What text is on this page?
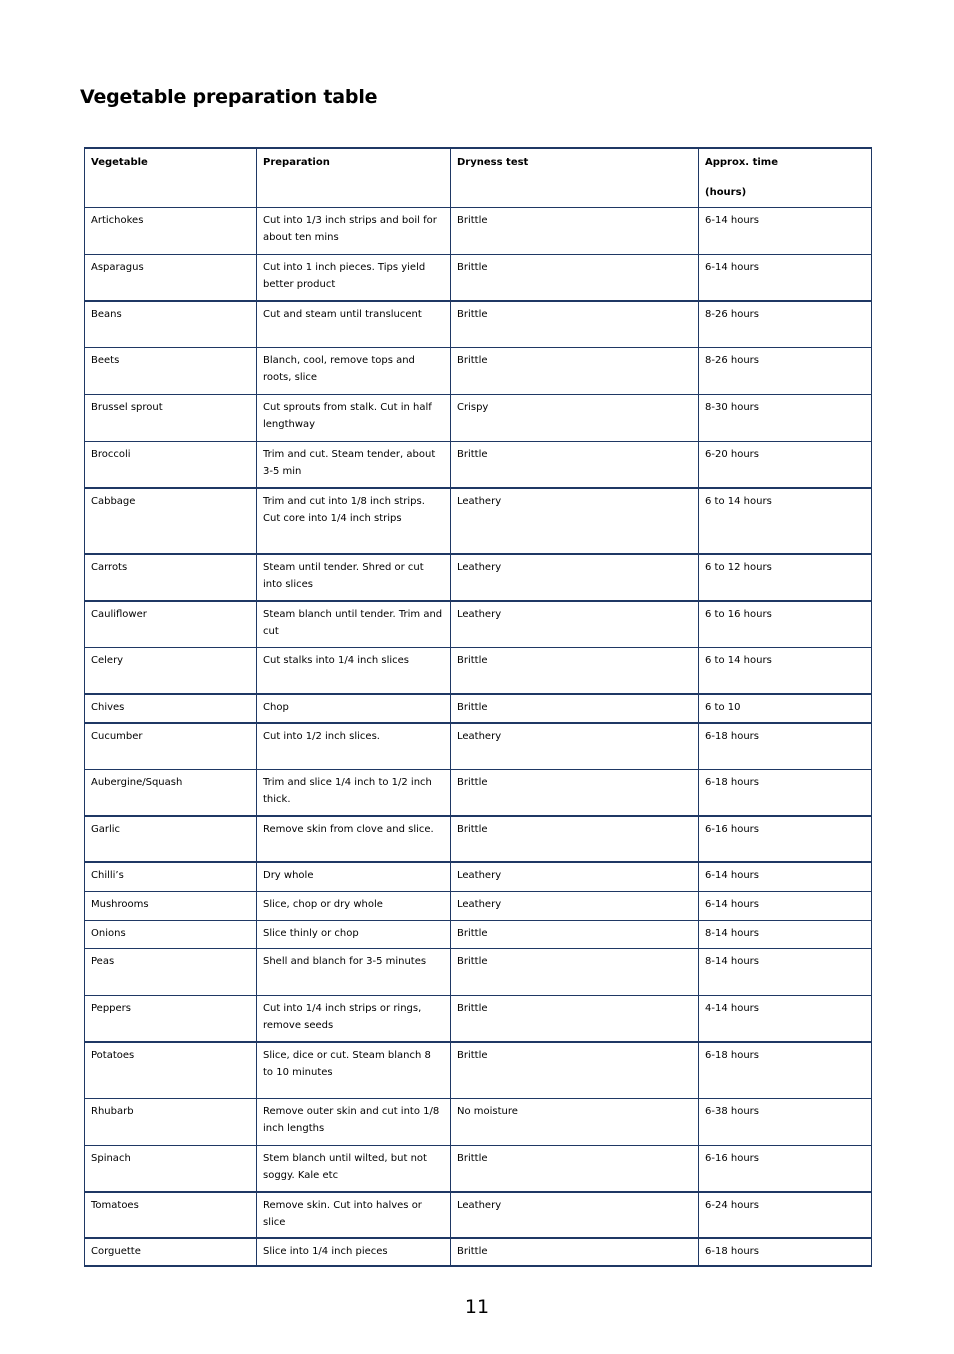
Vegetable preparation table
Vegetable	Preparation	Dryness test	Approx. time
(hours)

Artichokes	Cut into 1/3 inch strips and boil for about ten mins	Brittle	6-14 hours
Asparagus	Cut into 1 inch pieces. Tips yield better product	Brittle	6-14 hours
Beans	Cut and steam until translucent	Brittle	8-26 hours
Beets	Blanch, cool, remove tops and roots, slice	Brittle	8-26 hours
Brussel sprout	Cut sprouts from stalk. Cut in half lengthway	Crispy	8-30 hours
Broccoli	Trim and cut. Steam tender, about 3-5 min	Brittle	6-20 hours
Cabbage	Trim and cut into 1/8 inch strips. Cut core into 1/4 inch strips	Leathery	6 to 14 hours
Carrots	Steam until tender. Shred or cut into slices	Leathery	6 to 12 hours
Cauliflower	Steam blanch until tender. Trim and cut	Leathery	6 to 16 hours
Celery	Cut stalks into 1/4 inch slices	Brittle	6 to 14 hours
Chives	Chop	Brittle	6 to 10
Cucumber	Cut into 1/2 inch slices.	Leathery	6-18 hours
Aubergine/Squash	Trim and slice 1/4 inch to 1/2 inch thick.	Brittle	6-18 hours
Garlic	Remove skin from clove and slice.	Brittle	6-16 hours
Chilli’s	Dry whole	Leathery	6-14 hours
Mushrooms	Slice, chop or dry whole	Leathery	6-14 hours
Onions	Slice thinly or chop	Brittle	8-14 hours
Peas	Shell and blanch for 3-5 minutes	Brittle	8-14 hours
Peppers	Cut into 1/4 inch strips or rings, remove seeds	Brittle	4-14 hours
Potatoes	Slice, dice or cut. Steam blanch 8 to 10 minutes	Brittle	6-18 hours
Rhubarb	Remove outer skin and cut into 1/8 inch lengths	No moisture	6-38 hours
Spinach	Stem blanch until wilted, but not soggy. Kale etc	Brittle	6-16 hours
Tomatoes	Remove skin. Cut into halves or slice	Leathery	6-24 hours
Corguette	Slice into 1/4 inch pieces	Brittle	6-18 hours
11
